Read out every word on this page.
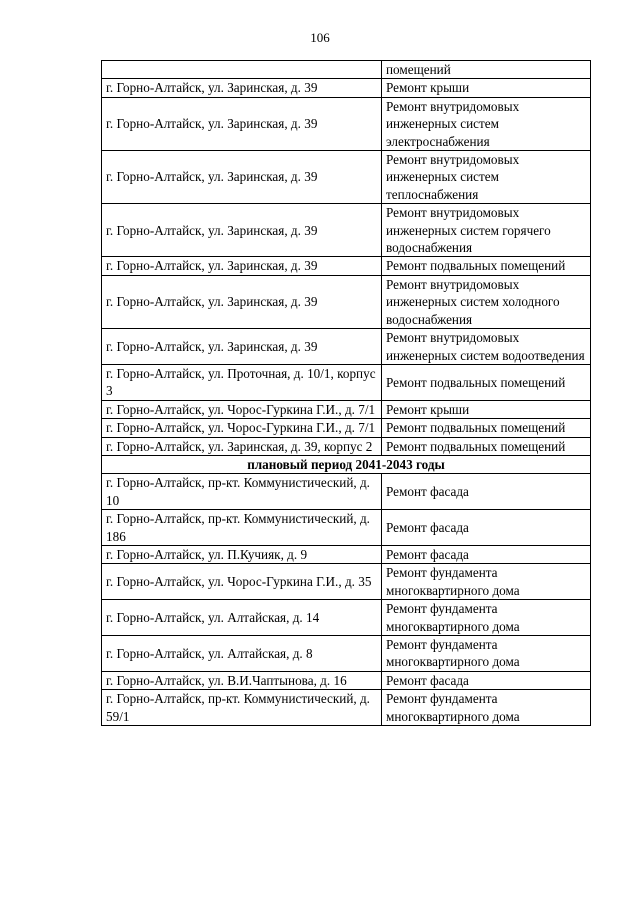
106
	помещений
г. Горно-Алтайск, ул. Заринская, д. 39	Ремонт крыши
г. Горно-Алтайск, ул. Заринская, д. 39	Ремонт внутридомовых инженерных систем электроснабжения
г. Горно-Алтайск, ул. Заринская, д. 39	Ремонт внутридомовых инженерных систем теплоснабжения
г. Горно-Алтайск, ул. Заринская, д. 39	Ремонт внутридомовых инженерных систем горячего водоснабжения
г. Горно-Алтайск, ул. Заринская, д. 39	Ремонт подвальных помещений
г. Горно-Алтайск, ул. Заринская, д. 39	Ремонт внутридомовых инженерных систем холодного водоснабжения
г. Горно-Алтайск, ул. Заринская, д. 39	Ремонт внутридомовых инженерных систем водоотведения
г. Горно-Алтайск, ул. Проточная, д. 10/1, корпус 3	Ремонт подвальных помещений
г. Горно-Алтайск, ул. Чорос-Гуркина Г.И., д. 7/1	Ремонт крыши
г. Горно-Алтайск, ул. Чорос-Гуркина Г.И., д. 7/1	Ремонт подвальных помещений
г. Горно-Алтайск, ул. Заринская, д. 39, корпус 2	Ремонт подвальных помещений
плановый период 2041-2043 годы	
г. Горно-Алтайск, пр-кт. Коммунистический, д. 10	Ремонт фасада
г. Горно-Алтайск, пр-кт. Коммунистический, д. 186	Ремонт фасада
г. Горно-Алтайск, ул. П.Кучияк, д. 9	Ремонт фасада
г. Горно-Алтайск, ул. Чорос-Гуркина Г.И., д. 35	Ремонт фундамента многоквартирного дома
г. Горно-Алтайск, ул. Алтайская, д. 14	Ремонт фундамента многоквартирного дома
г. Горно-Алтайск, ул. Алтайская, д. 8	Ремонт фундамента многоквартирного дома
г. Горно-Алтайск, ул. В.И.Чаптынова, д. 16	Ремонт фасада
г. Горно-Алтайск, пр-кт. Коммунистический, д. 59/1	Ремонт фундамента многоквартирного дома
